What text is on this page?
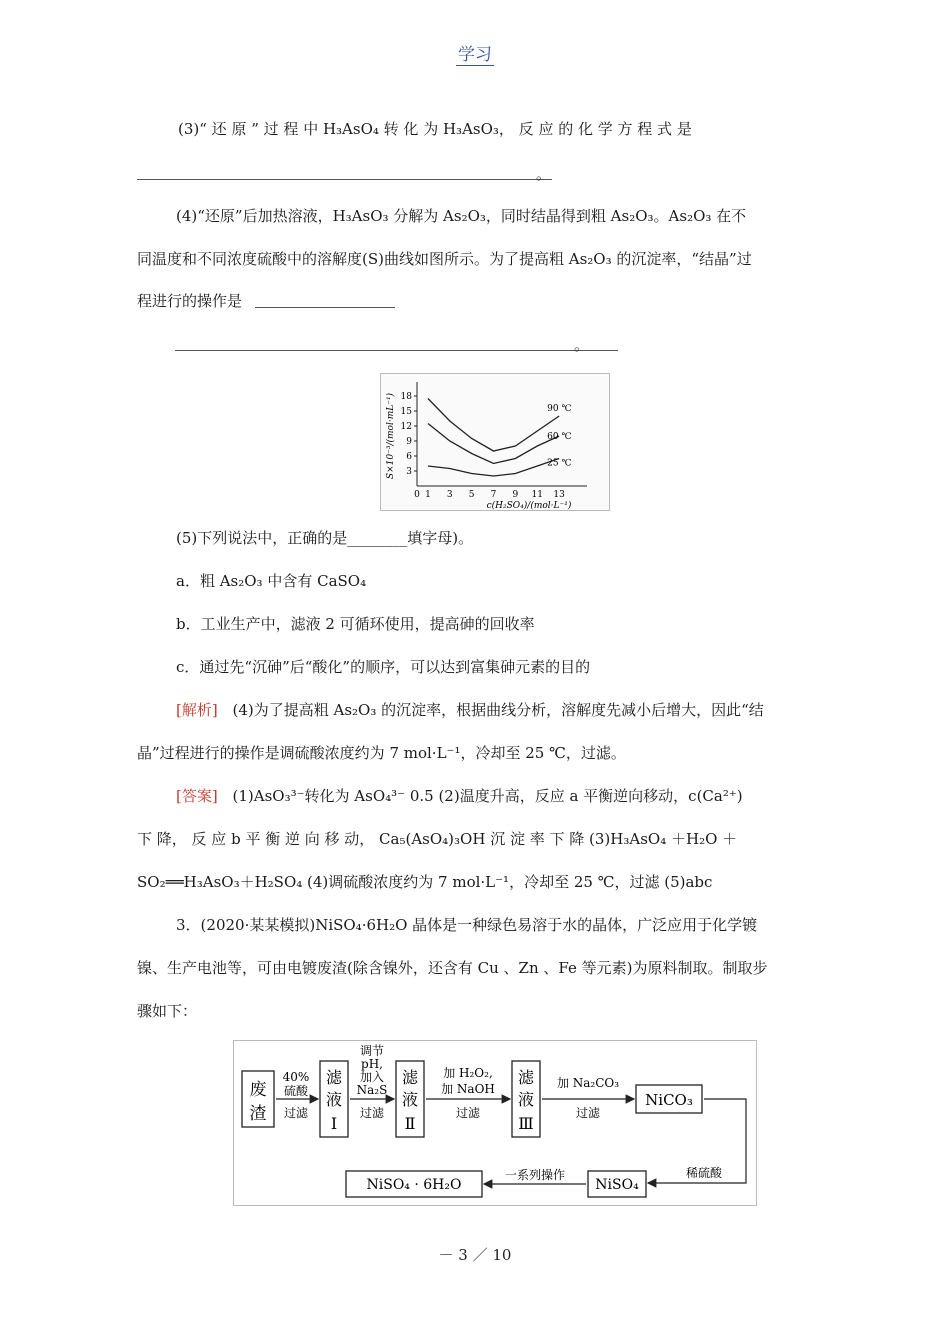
学习
(3)“ 还 原 ” 过 程 中 H₃AsO₄ 转 化 为 H₃AsO₃， 反 应 的 化 学 方 程 式 是
。
(4)“还原”后加热溶液，H₃AsO₃ 分解为 As₂O₃，同时结晶得到粗 As₂O₃。As₂O₃ 在不
同温度和不同浓度硫酸中的溶解度(S)曲线如图所示。为了提高粗 As₂O₃ 的沉淀率，“结晶”过
程进行的操作是
。
3
6
9
12
15
18
0 1 3 5 7 9 11 13
90 ℃
60 ℃
25 ℃
c(H₂SO₄)/(mol·L⁻¹)
S×10⁻³/(mol·mL⁻¹)
(5)下列说法中，正确的是________填字母)。
a．粗 As₂O₃ 中含有 CaSO₄
b．工业生产中，滤液 2 可循环使用，提高砷的回收率
c．通过先“沉砷”后“酸化”的顺序，可以达到富集砷元素的目的
[解析] (4)为了提高粗 As₂O₃ 的沉淀率，根据曲线分析，溶解度先减小后增大，因此“结
晶”过程进行的操作是调硫酸浓度约为 7 mol·L⁻¹，冷却至 25 ℃，过滤。
[答案] (1)AsO₃³⁻转化为 AsO₄³⁻ 0.5 (2)温度升高，反应 a 平衡逆向移动，c(Ca²⁺)
下 降， 反 应 b 平 衡 逆 向 移 动， Ca₅(AsO₄)₃OH 沉 淀 率 下 降 (3)H₃AsO₄ ＋H₂O ＋
SO₂══H₃AsO₃＋H₂SO₄ (4)调硫酸浓度约为 7 mol·L⁻¹，冷却至 25 ℃，过滤 (5)abc
3．(2020·某某模拟)NiSO₄·6H₂O 晶体是一种绿色易溶于水的晶体，广泛应用于化学镀
镍、生产电池等，可由电镀废渣(除含镍外，还含有 Cu 、Zn 、Fe 等元素)为原料制取。制取步
骤如下：
废
渣
40%
硫酸
过滤
滤
液
Ⅰ
调节
pH,
加入
Na₂S
过滤
滤
液
Ⅱ
加 H₂O₂,
加 NaOH
过滤
滤
液
Ⅲ
加 Na₂CO₃
过滤
NiCO₃
稀硫酸
NiSO₄
一系列操作
NiSO₄ · 6H₂O
－ 3 ／ 10
